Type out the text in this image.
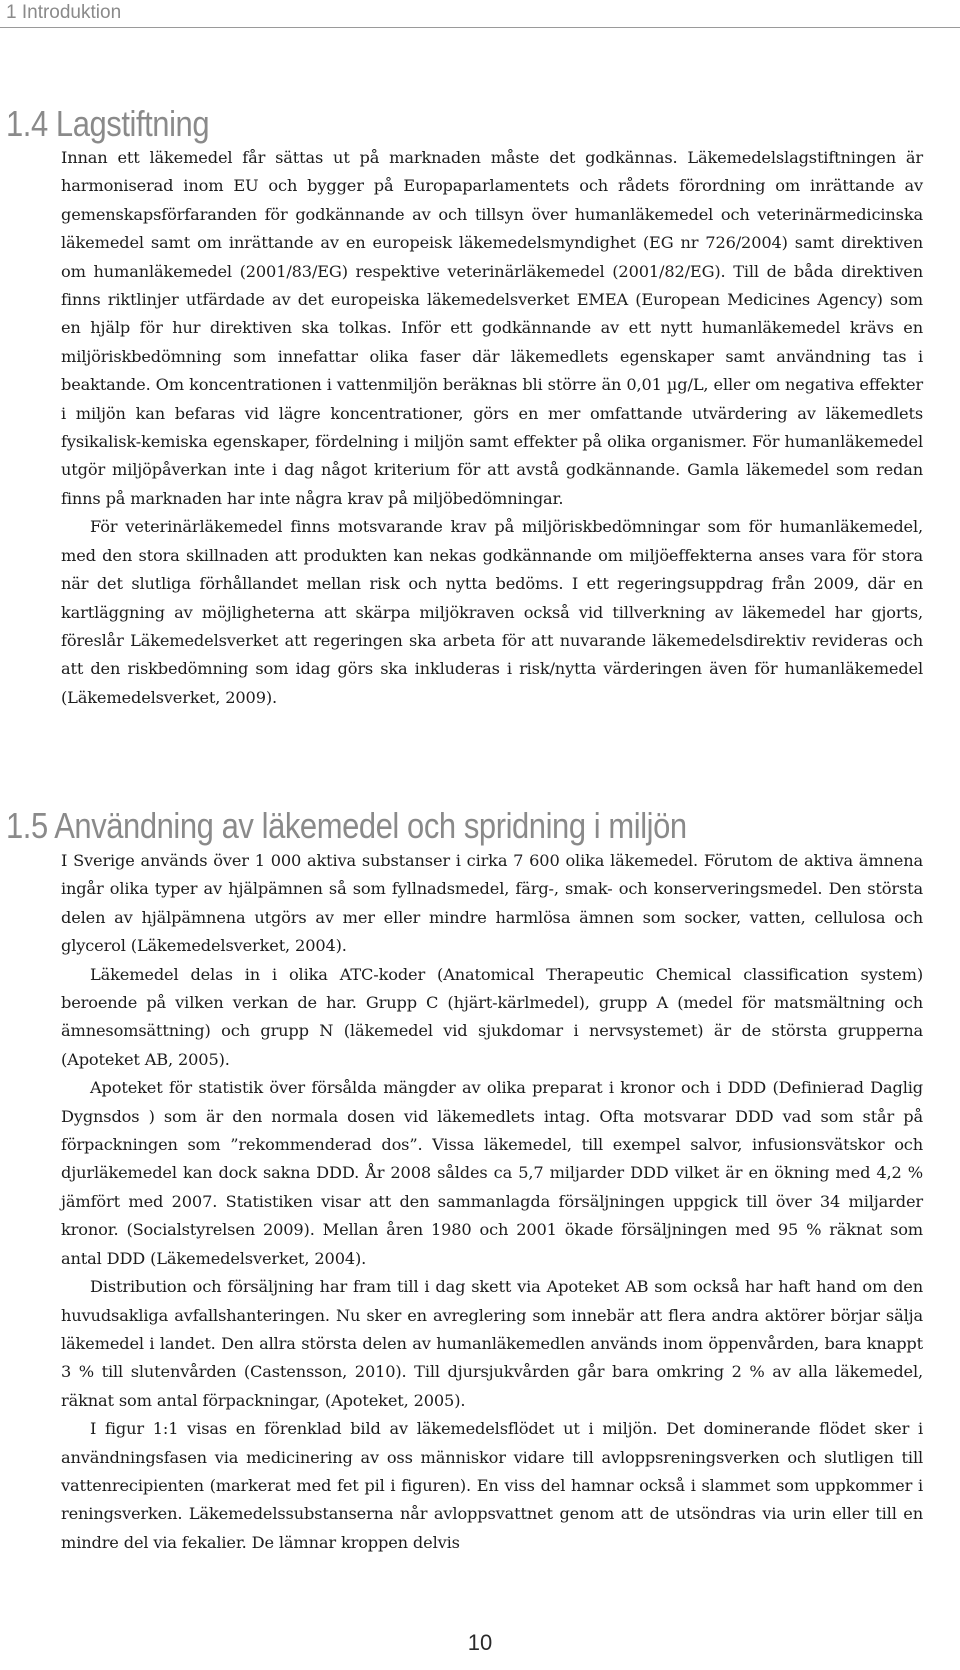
1 Introduktion
1.4 Lagstiftning

Innan ett läkemedel får sättas ut på marknaden måste det godkännas. Läkemedelslagstiftningen är harmoniserad inom EU och bygger på Europaparlamentets och rådets förordning om inrättande av gemenskapsförfaranden för godkännande av och tillsyn över humanläkemedel och veterinärmedicinska läkemedel samt om inrättande av en europeisk läkemedelsmyndighet (EG nr 726/2004) samt direktiven om humanläkemedel (2001/83/EG) respektive veterinärläkemedel (2001/82/EG). Till de båda direktiven finns riktlinjer utfärdade av det europeiska läkemedelsverket EMEA (European Medicines Agency) som en hjälp för hur direktiven ska tolkas. Inför ett godkännande av ett nytt humanläkemedel krävs en miljöriskbedömning som innefattar olika faser där läkemedlets egenskaper samt användning tas i beaktande. Om koncentrationen i vattenmiljön beräknas bli större än 0,01 µg/L, eller om negativa effekter i miljön kan befaras vid lägre koncentrationer, görs en mer omfattande utvärdering av läkemedlets fysikalisk-kemiska egenskaper, fördelning i miljön samt effekter på olika organismer. För humanläkemedel utgör miljöpåverkan inte i dag något kriterium för att avstå godkännande. Gamla läkemedel som redan finns på marknaden har inte några krav på miljöbedömningar.

För veterinärläkemedel finns motsvarande krav på miljöriskbedömningar som för humanläkemedel, med den stora skillnaden att produkten kan nekas godkännande om miljöeffekterna anses vara för stora när det slutliga förhållandet mellan risk och nytta bedöms. I ett regeringsuppdrag från 2009, där en kartläggning av möjligheterna att skärpa miljökraven också vid tillverkning av läkemedel har gjorts, föreslår Läkemedelsverket att regeringen ska arbeta för att nuvarande läkemedelsdirektiv revideras och att den riskbedömning som idag görs ska inkluderas i risk/nytta värderingen även för humanläkemedel (Läkemedelsverket, 2009).

1.5 Användning av läkemedel och spridning i miljön

I Sverige används över 1 000 aktiva substanser i cirka 7 600 olika läkemedel. Förutom de aktiva ämnena ingår olika typer av hjälpämnen så som fyllnadsmedel, färg-, smak- och konserveringsmedel. Den största delen av hjälpämnena utgörs av mer eller mindre harmlösa ämnen som socker, vatten, cellulosa och glycerol (Läkemedelsverket, 2004).

Läkemedel delas in i olika ATC-koder (Anatomical Therapeutic Chemical classification system) beroende på vilken verkan de har. Grupp C (hjärt-kärlmedel), grupp A (medel för matsmältning och ämnesomsättning) och grupp N (läkemedel vid sjukdomar i nervsystemet) är de största grupperna (Apoteket AB, 2005).

Apoteket för statistik över försålda mängder av olika preparat i kronor och i DDD (Definierad Daglig Dygnsdos ) som är den normala dosen vid läkemedlets intag. Ofta motsvarar DDD vad som står på förpackningen som ”rekommenderad dos”. Vissa läkemedel, till exempel salvor, infusionsvätskor och djurläkemedel kan dock sakna DDD. År 2008 såldes ca 5,7 miljarder DDD vilket är en ökning med 4,2 % jämfört med 2007. Statistiken visar att den sammanlagda försäljningen uppgick till över 34 miljarder kronor. (Socialstyrelsen 2009). Mellan åren 1980 och 2001 ökade försäljningen med 95 % räknat som antal DDD (Läkemedelsverket, 2004).

Distribution och försäljning har fram till i dag skett via Apoteket AB som också har haft hand om den huvudsakliga avfallshanteringen. Nu sker en avreglering som innebär att flera andra aktörer börjar sälja läkemedel i landet. Den allra största delen av humanläkemedlen används inom öppenvården, bara knappt 3 % till slutenvården (Castensson, 2010). Till djursjukvården går bara omkring 2 % av alla läkemedel, räknat som antal förpackningar, (Apoteket, 2005).

I figur 1:1 visas en förenklad bild av läkemedelsflödet ut i miljön. Det dominerande flödet sker i användningsfasen via medicinering av oss människor vidare till avloppsreningsverken och slutligen till vattenrecipienten (markerat med fet pil i figuren). En viss del hamnar också i slammet som uppkommer i reningsverken. Läkemedelssubstanserna når avloppsvattnet genom att de utsöndras via urin eller till en mindre del via fekalier. De lämnar kroppen delvis

10
